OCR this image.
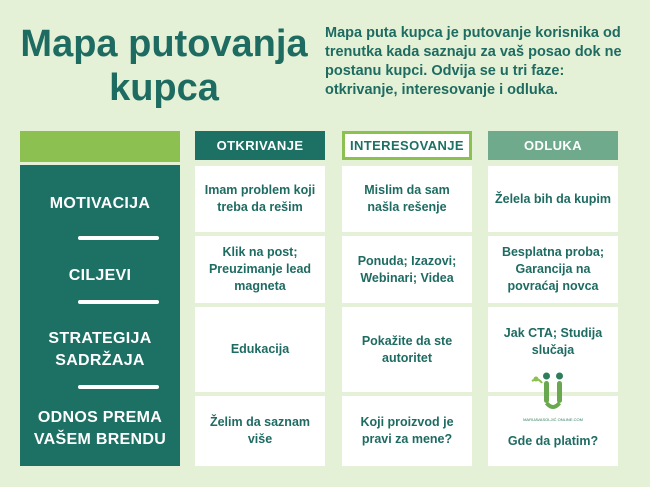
Mapa putovanja kupca
Mapa puta kupca je putovanje korisnika od trenutka kada saznaju za vaš posao dok ne postanu kupci. Odvija se u tri faze: otkrivanje, interesovanje i odluka.
MOTIVACIJA
CILJEVI
STRATEGIJA SADRŽAJA
ODNOS PREMA VAŠEM BRENDU
OTKRIVANJE
Imam problem koji treba da rešim
Klik na post; Preuzimanje lead magneta
Edukacija
Želim da saznam više
INTERESOVANJE
Mislim da sam našla rešenje
Ponuda; Izazovi; Webinari; Videa
Pokažite da ste autoritet
Koji proizvod je pravi za mene?
ODLUKA
Želela bih da kupim
Besplatna proba; Garancija na povraćaj novca
Jak CTA; Studija slučaja
Gde da platim?
MARIJAVASOLJIĆ ONLINE.COM
